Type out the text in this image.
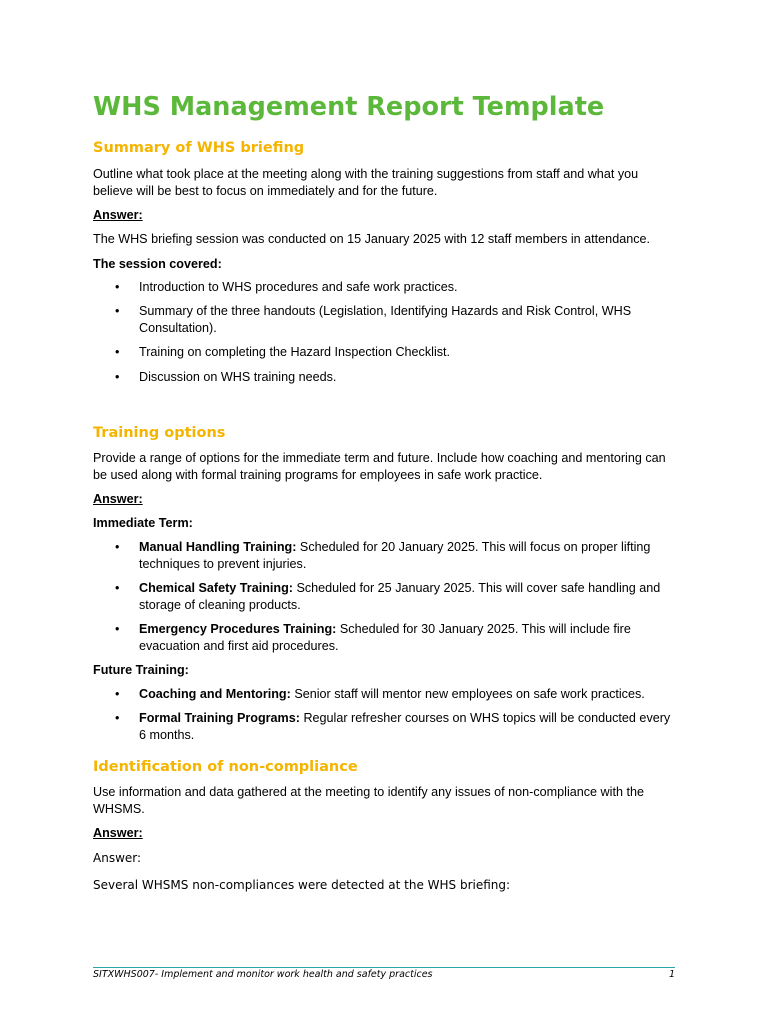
WHS Management Report Template
Summary of WHS briefing

Outline what took place at the meeting along with the training suggestions from staff and what you believe will be best to focus on immediately and for the future.

Answer:

The WHS briefing session was conducted on 15 January 2025 with 12 staff members in attendance.

The session covered:

• Introduction to WHS procedures and safe work practices.
• Summary of the three handouts (Legislation, Identifying Hazards and Risk Control, WHS Consultation).
• Training on completing the Hazard Inspection Checklist.
• Discussion on WHS training needs.
Training options

Provide a range of options for the immediate term and future. Include how coaching and mentoring can be used along with formal training programs for employees in safe work practice.

Answer:

Immediate Term:

• Manual Handling Training: Scheduled for 20 January 2025. This will focus on proper lifting techniques to prevent injuries.
• Chemical Safety Training: Scheduled for 25 January 2025. This will cover safe handling and storage of cleaning products.
• Emergency Procedures Training: Scheduled for 30 January 2025. This will include fire evacuation and first aid procedures.

Future Training:

• Coaching and Mentoring: Senior staff will mentor new employees on safe work practices.
• Formal Training Programs: Regular refresher courses on WHS topics will be conducted every 6 months.
Identification of non-compliance

Use information and data gathered at the meeting to identify any issues of non-compliance with the WHSMS.

Answer:

Answer:

Several WHSMS non-compliances were detected at the WHS briefing:

SITXWHS007- Implement and monitor work health and safety practices	1
